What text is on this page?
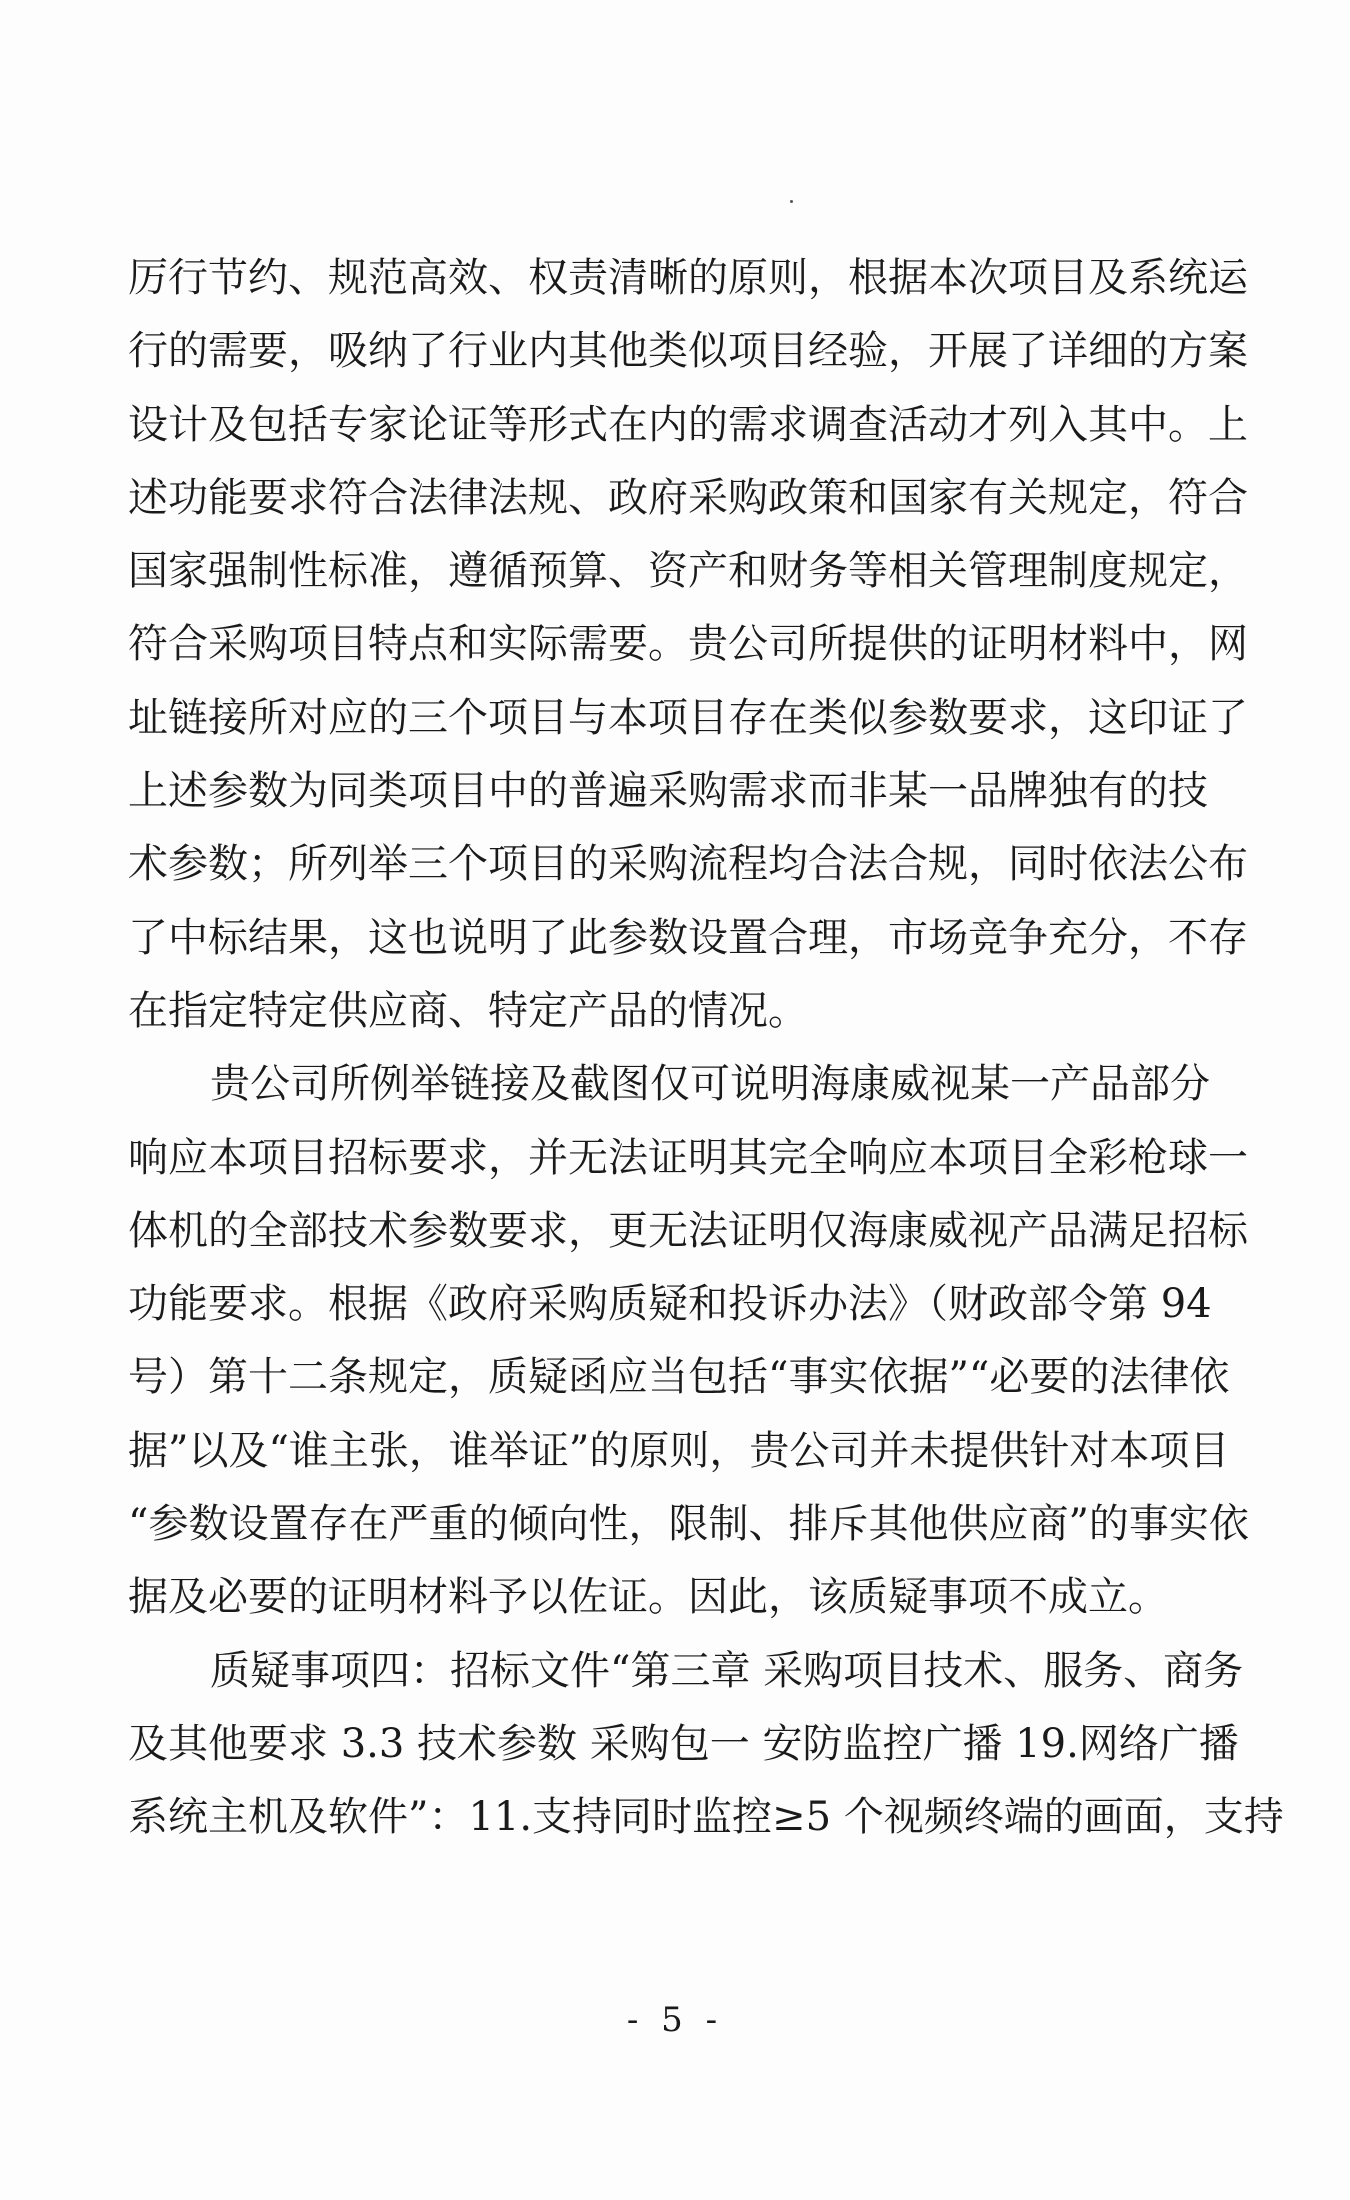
厉行节约、规范高效、权责清晰的原则，根据本次项目及系统运
行的需要，吸纳了行业内其他类似项目经验，开展了详细的方案
设计及包括专家论证等形式在内的需求调查活动才列入其中。上
述功能要求符合法律法规、政府采购政策和国家有关规定，符合
国家强制性标准，遵循预算、资产和财务等相关管理制度规定，
符合采购项目特点和实际需要。贵公司所提供的证明材料中，网
址链接所对应的三个项目与本项目存在类似参数要求，这印证了
上述参数为同类项目中的普遍采购需求而非某一品牌独有的技
术参数；所列举三个项目的采购流程均合法合规，同时依法公布
了中标结果，这也说明了此参数设置合理，市场竞争充分，不存
在指定特定供应商、特定产品的情况。
贵公司所例举链接及截图仅可说明海康威视某一产品部分
响应本项目招标要求，并无法证明其完全响应本项目全彩枪球一
体机的全部技术参数要求，更无法证明仅海康威视产品满足招标
功能要求。根据《政府采购质疑和投诉办法》（财政部令第 94
号）第十二条规定，质疑函应当包括“事实依据”“必要的法律依
据”以及“谁主张，谁举证”的原则，贵公司并未提供针对本项目
“参数设置存在严重的倾向性，限制、排斥其他供应商”的事实依
据及必要的证明材料予以佐证。因此，该质疑事项不成立。
质疑事项四：招标文件“第三章 采购项目技术、服务、商务
及其他要求 3.3 技术参数 采购包一 安防监控广播 19.网络广播
系统主机及软件”：11.支持同时监控≥5 个视频终端的画面，支持
- 5 -
